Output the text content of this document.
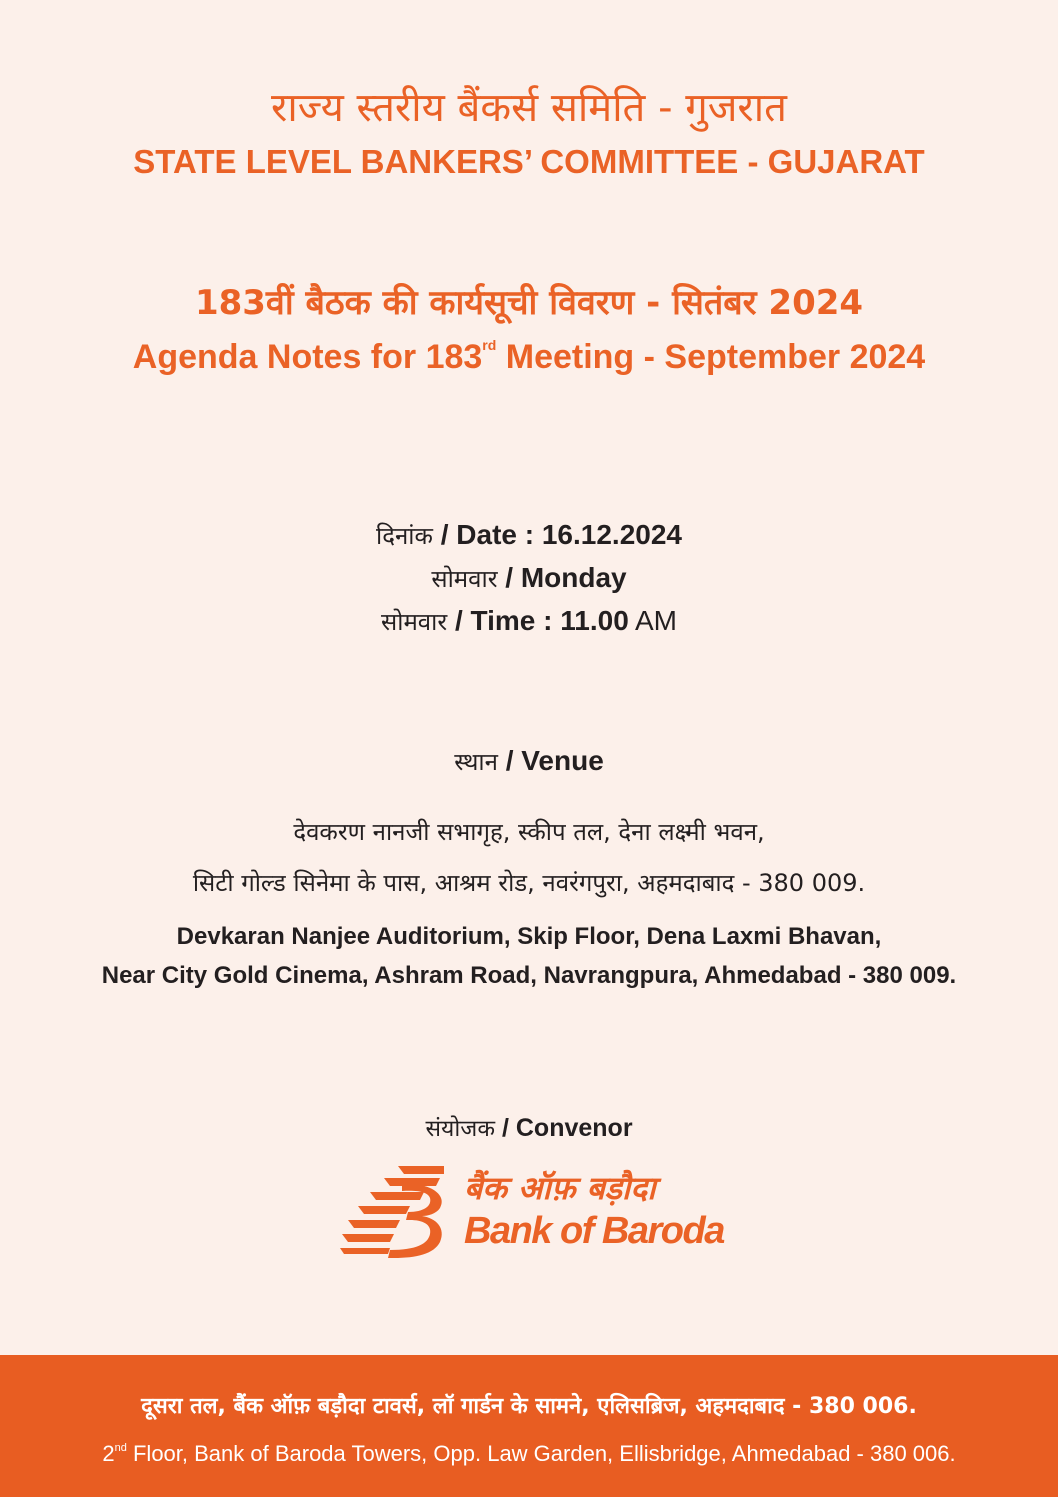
राज्य स्तरीय बैंकर्स समिति - गुजरात
STATE LEVEL BANKERS’ COMMITTEE - GUJARAT
183वीं बैठक की कार्यसूची विवरण - सितंबर 2024
Agenda Notes for 183rd Meeting - September 2024
दिनांक / Date : 16.12.2024
सोमवार / Monday
सोमवार / Time : 11.00 AM
स्थान / Venue
देवकरण नानजी सभागृह, स्कीप तल, देना लक्ष्मी भवन,
सिटी गोल्ड सिनेमा के पास, आश्रम रोड, नवरंगपुरा, अहमदाबाद - 380 009.
Devkaran Nanjee Auditorium, Skip Floor, Dena Laxmi Bhavan,
Near City Gold Cinema, Ashram Road, Navrangpura, Ahmedabad - 380 009.
संयोजक / Convenor
बैंक ऑफ़ बड़ौदा
Bank of Baroda
दूसरा तल, बैंक ऑफ़ बड़ौदा टावर्स, लॉ गार्डन के सामने, एलिसब्रिज, अहमदाबाद - 380 006.
2nd Floor, Bank of Baroda Towers, Opp. Law Garden, Ellisbridge, Ahmedabad - 380 006.
